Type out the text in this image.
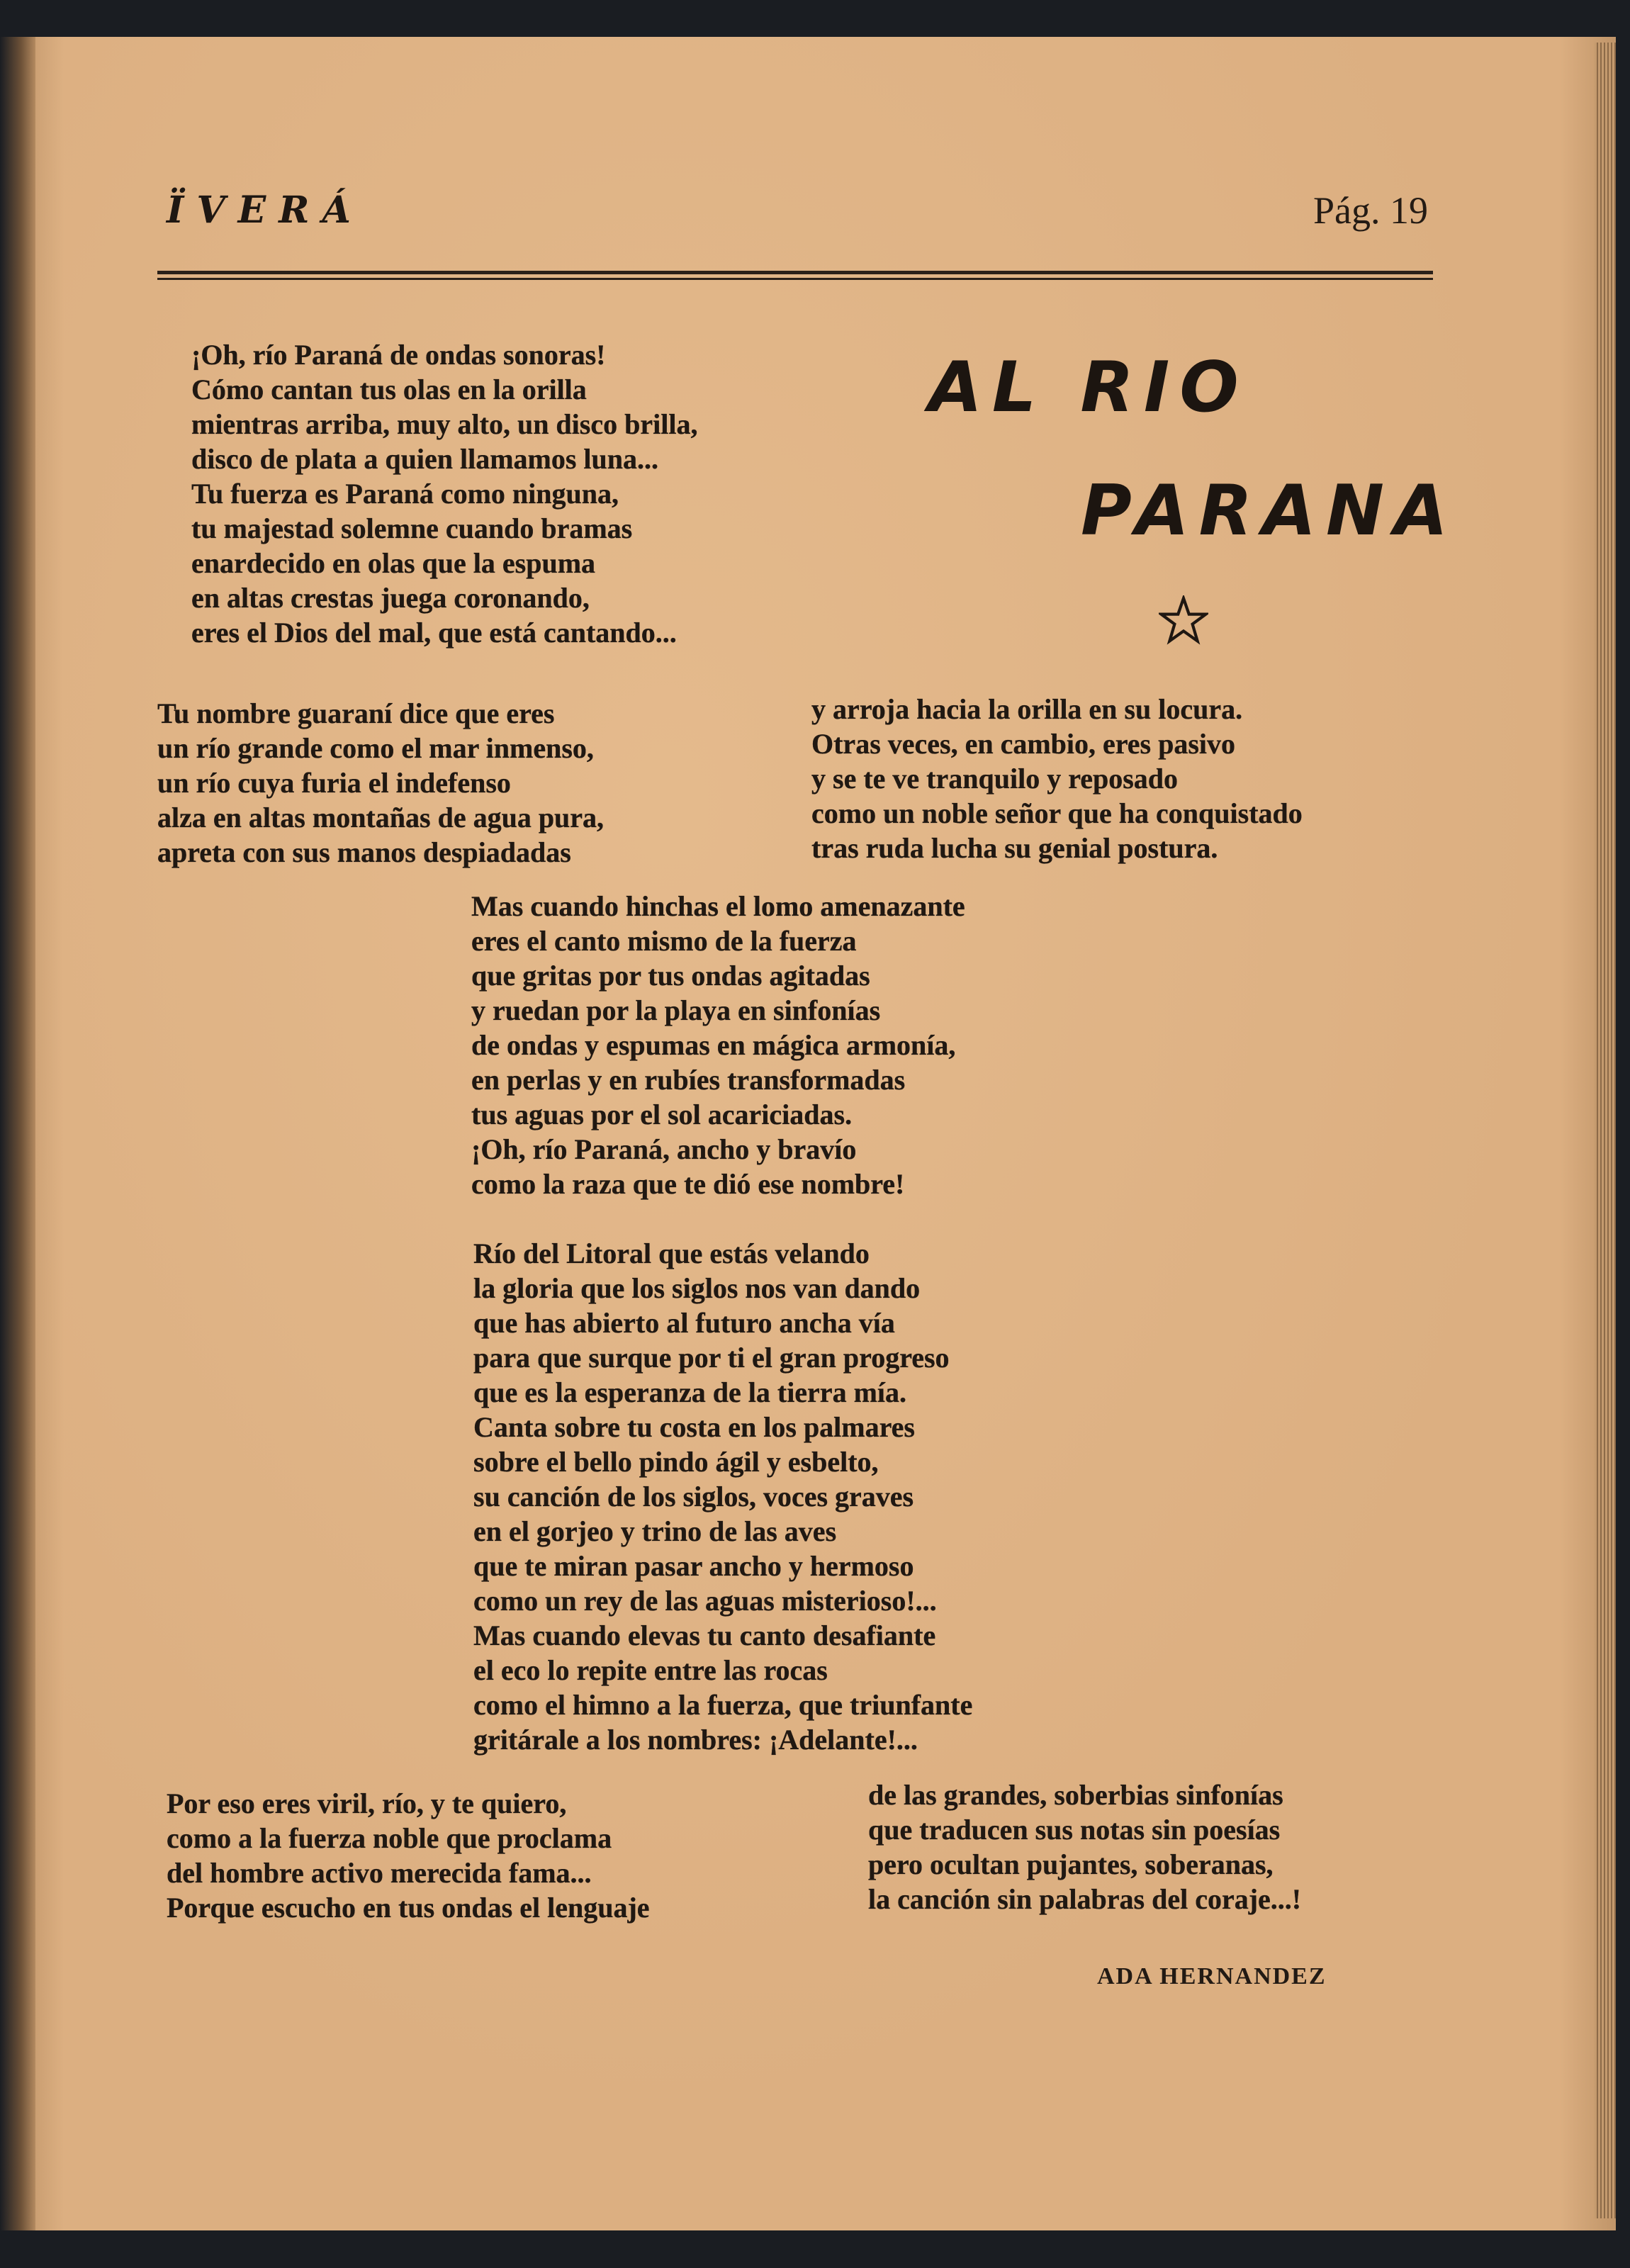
ÏVERÁ	Pág. 19
AL RIO
PARANA
¡Oh, río Paraná de ondas sonoras!
Cómo cantan tus olas en la orilla
mientras arriba, muy alto, un disco brilla,
disco de plata a quien llamamos luna...
Tu fuerza es Paraná como ninguna,
tu majestad solemne cuando bramas
enardecido en olas que la espuma
en altas crestas juega coronando,
eres el Dios del mal, que está cantando...
Tu nombre guaraní dice que eres
un río grande como el mar inmenso,
un río cuya furia el indefenso
alza en altas montañas de agua pura,
apreta con sus manos despiadadas
y arroja hacia la orilla en su locura.
Otras veces, en cambio, eres pasivo
y se te ve tranquilo y reposado
como un noble señor que ha conquistado
tras ruda lucha su genial postura.
Mas cuando hinchas el lomo amenazante
eres el canto mismo de la fuerza
que gritas por tus ondas agitadas
y ruedan por la playa en sinfonías
de ondas y espumas en mágica armonía,
en perlas y en rubíes transformadas
tus aguas por el sol acariciadas.
¡Oh, río Paraná, ancho y bravío
como la raza que te dió ese nombre!
Río del Litoral que estás velando
la gloria que los siglos nos van dando
que has abierto al futuro ancha vía
para que surque por ti el gran progreso
que es la esperanza de la tierra mía.
Canta sobre tu costa en los palmares
sobre el bello pindo ágil y esbelto,
su canción de los siglos, voces graves
en el gorjeo y trino de las aves
que te miran pasar ancho y hermoso
como un rey de las aguas misterioso!...
Mas cuando elevas tu canto desafiante
el eco lo repite entre las rocas
como el himno a la fuerza, que triunfante
gritárale a los nombres: ¡Adelante!...
Por eso eres viril, río, y te quiero,
como a la fuerza noble que proclama
del hombre activo merecida fama...
Porque escucho en tus ondas el lenguaje
de las grandes, soberbias sinfonías
que traducen sus notas sin poesías
pero ocultan pujantes, soberanas,
la canción sin palabras del coraje...!
ADA HERNANDEZ
